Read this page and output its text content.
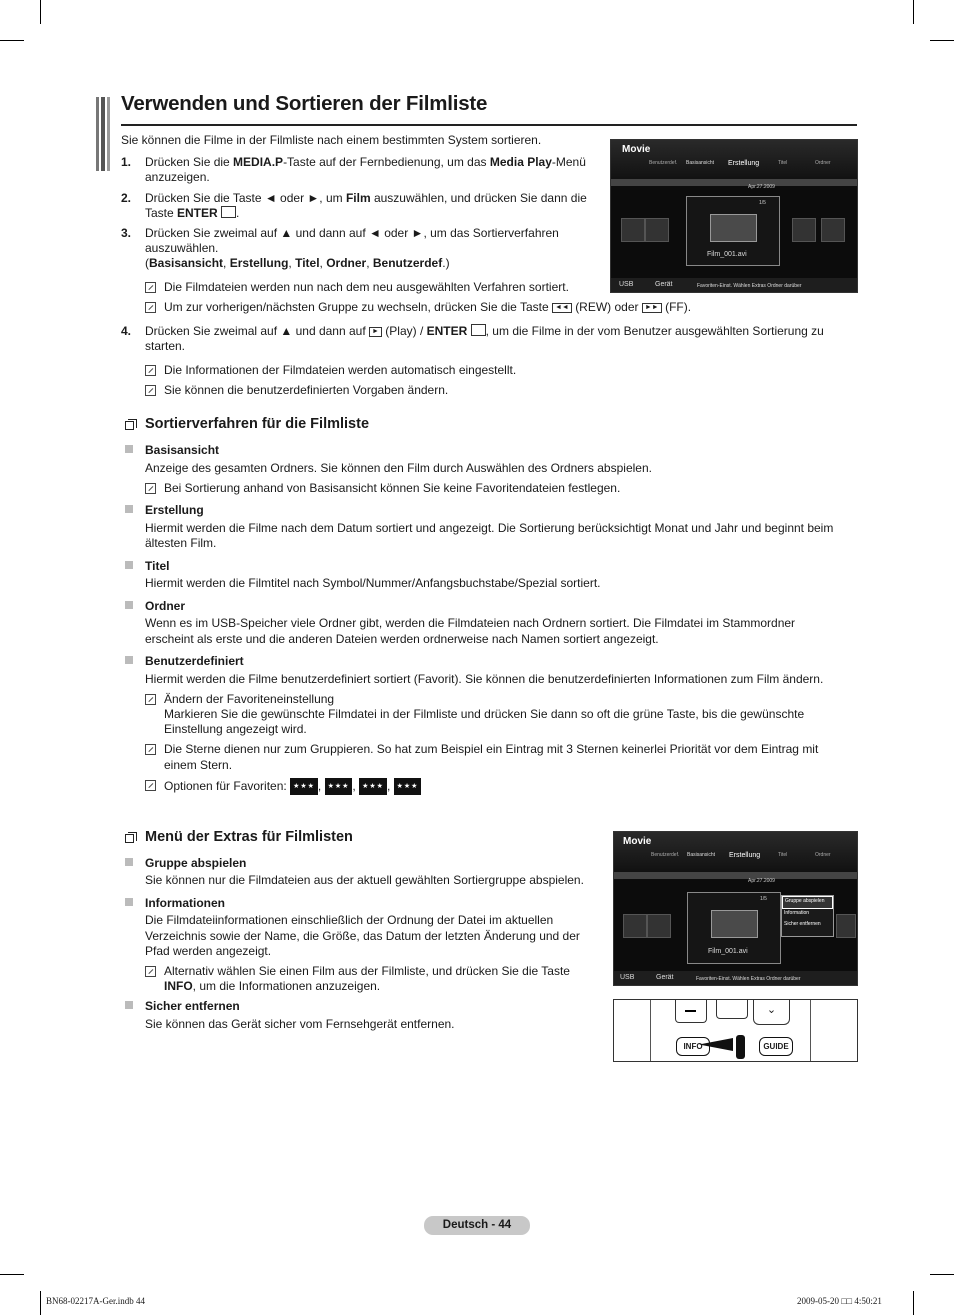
Verwenden und Sortieren der Filmliste
Sie können die Filme in der Filmliste nach einem bestimmten System sortieren.
1. Drücken Sie die MEDIA.P-Taste auf der Fernbedienung, um das Media Play-Menü
anzuzeigen.
2. Drücken Sie die Taste ◄ oder ►, um Film auszuwählen, und drücken Sie dann die
Taste ENTER .
3. Drücken Sie zweimal auf ▲ und dann auf ◄ oder ►, um das Sortierverfahren
auszuwählen.
(Basisansicht, Erstellung, Titel, Ordner, Benutzerdef.)
Die Filmdateien werden nun nach dem neu ausgewählten Verfahren sortiert.
Um zur vorherigen/nächsten Gruppe zu wechseln, drücken Sie die Taste ◄◄ (REW) oder ►► (FF).
4. Drücken Sie zweimal auf ▲ und dann auf ► (Play) / ENTER , um die Filme in der vom Benutzer ausgewählten Sortierung zu
starten.
Die Informationen der Filmdateien werden automatisch eingestellt.
Sie können die benutzerdefinierten Vorgaben ändern.
Sortierverfahren für die Filmliste
Basisansicht
Anzeige des gesamten Ordners. Sie können den Film durch Auswählen des Ordners abspielen.
Bei Sortierung anhand von Basisansicht können Sie keine Favoritendateien festlegen.
Erstellung
Hiermit werden die Filme nach dem Datum sortiert und angezeigt. Die Sortierung berücksichtigt Monat und Jahr und beginnt beim
ältesten Film.
Titel
Hiermit werden die Filmtitel nach Symbol/Nummer/Anfangsbuchstabe/Spezial sortiert.
Ordner
Wenn es im USB-Speicher viele Ordner gibt, werden die Filmdateien nach Ordnern sortiert. Die Filmdatei im Stammordner
erscheint als erste und die anderen Dateien werden ordnerweise nach Namen sortiert angezeigt.
Benutzerdefiniert
Hiermit werden die Filme benutzerdefiniert sortiert (Favorit). Sie können die benutzerdefinierten Informationen zum Film ändern.
Ändern der Favoriteneinstellung
Markieren Sie die gewünschte Filmdatei in der Filmliste und drücken Sie dann so oft die grüne Taste, bis die gewünschte
Einstellung angezeigt wird.
Die Sterne dienen nur zum Gruppieren. So hat zum Beispiel ein Eintrag mit 3 Sternen keinerlei Priorität vor dem Eintrag mit
einem Stern.
Optionen für Favoriten: ★★★ , ★★★ , ★★★ , ★★★
Menü der Extras für Filmlisten
Gruppe abspielen
Sie können nur die Filmdateien aus der aktuell gewählten Sortiergruppe abspielen.
Informationen
Die Filmdateiinformationen einschließlich der Ordnung der Datei im aktuellen
Verzeichnis sowie der Name, die Größe, das Datum der letzten Änderung und der
Pfad werden angezeigt.
Alternativ wählen Sie einen Film aus der Filmliste, und drücken Sie die Taste
INFO, um die Informationen anzuzeigen.
Sicher entfernen
Sie können das Gerät sicher vom Fernsehgerät entfernen.
Movie
Benutzerdef. Basisansicht Erstellung	Titel	Ordner
Apr.27.2009
1/5
Film_001.avi
USB	Gerät	Favoriten-Einst. Wählen Extras Ordner darüber
Movie
Benutzerdef. Basisansicht Erstellung	Titel	Ordner
Apr.27.2009
1/5
Film_001.avi
Gruppe abspielen
Information
Sicher entfernen
USB	Gerät	Favoriten-Einst. Wählen Extras Ordner darüber
⌄
INFO	GUIDE
Deutsch - 44
BN68-02217A-Ger.indb 44	2009-05-20 □□ 4:50:21
